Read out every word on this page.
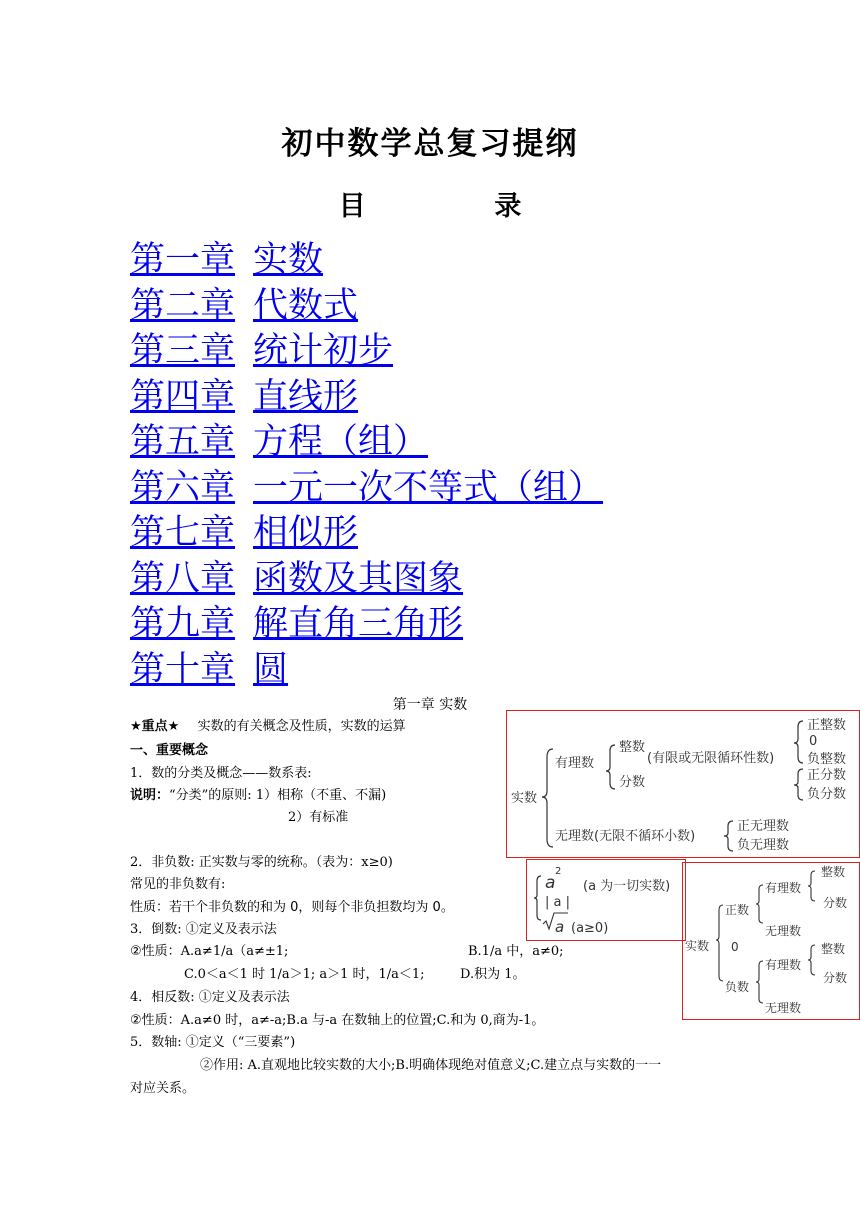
初中数学总复习提纲
目	录
第一章 实数
第二章 代数式
第三章 统计初步
第四章 直线形
第五章 方程（组）
第六章 一元一次不等式（组）
第七章 相似形
第八章 函数及其图象
第九章 解直角三角形
第十章 圆
第一章 实数
★重点★ 实数的有关概念及性质，实数的运算
一、重要概念
1．数的分类及概念——数系表:
说明：“分类”的原则: 1）相称（不重、不漏)
2）有标准
2．非负数: 正实数与零的统称。（表为：x≥0)
常见的非负数有:
性质：若干个非负数的和为 0，则每个非负担数均为 0。
3．倒数: ①定义及表示法
②性质：A.a≠1/a（a≠±1;	B.1/a 中，a≠0;
C.0＜a＜1 时 1/a＞1; a＞1 时，1/a＜1;	D.积为 1。
4．相反数: ①定义及表示法
②性质：A.a≠0 时，a≠-a;B.a 与-a 在数轴上的位置;C.和为 0,商为-1。
5．数轴: ①定义（“三要素”)
②作用: A.直观地比较实数的大小;B.明确体现绝对值意义;C.建立点与实数的一一
对应关系。
实数
有理数
整数
(有限或无限循环性数)
分数
正整数
0
负整数
正分数
负分数
无理数(无限不循环小数)
正无理数
负无理数
a
2
| a |
(a 为一切实数)
a (a≥0)
实数
正数
0
负数
有理数
无理数
整数
分数
有理数
无理数
整数
分数
